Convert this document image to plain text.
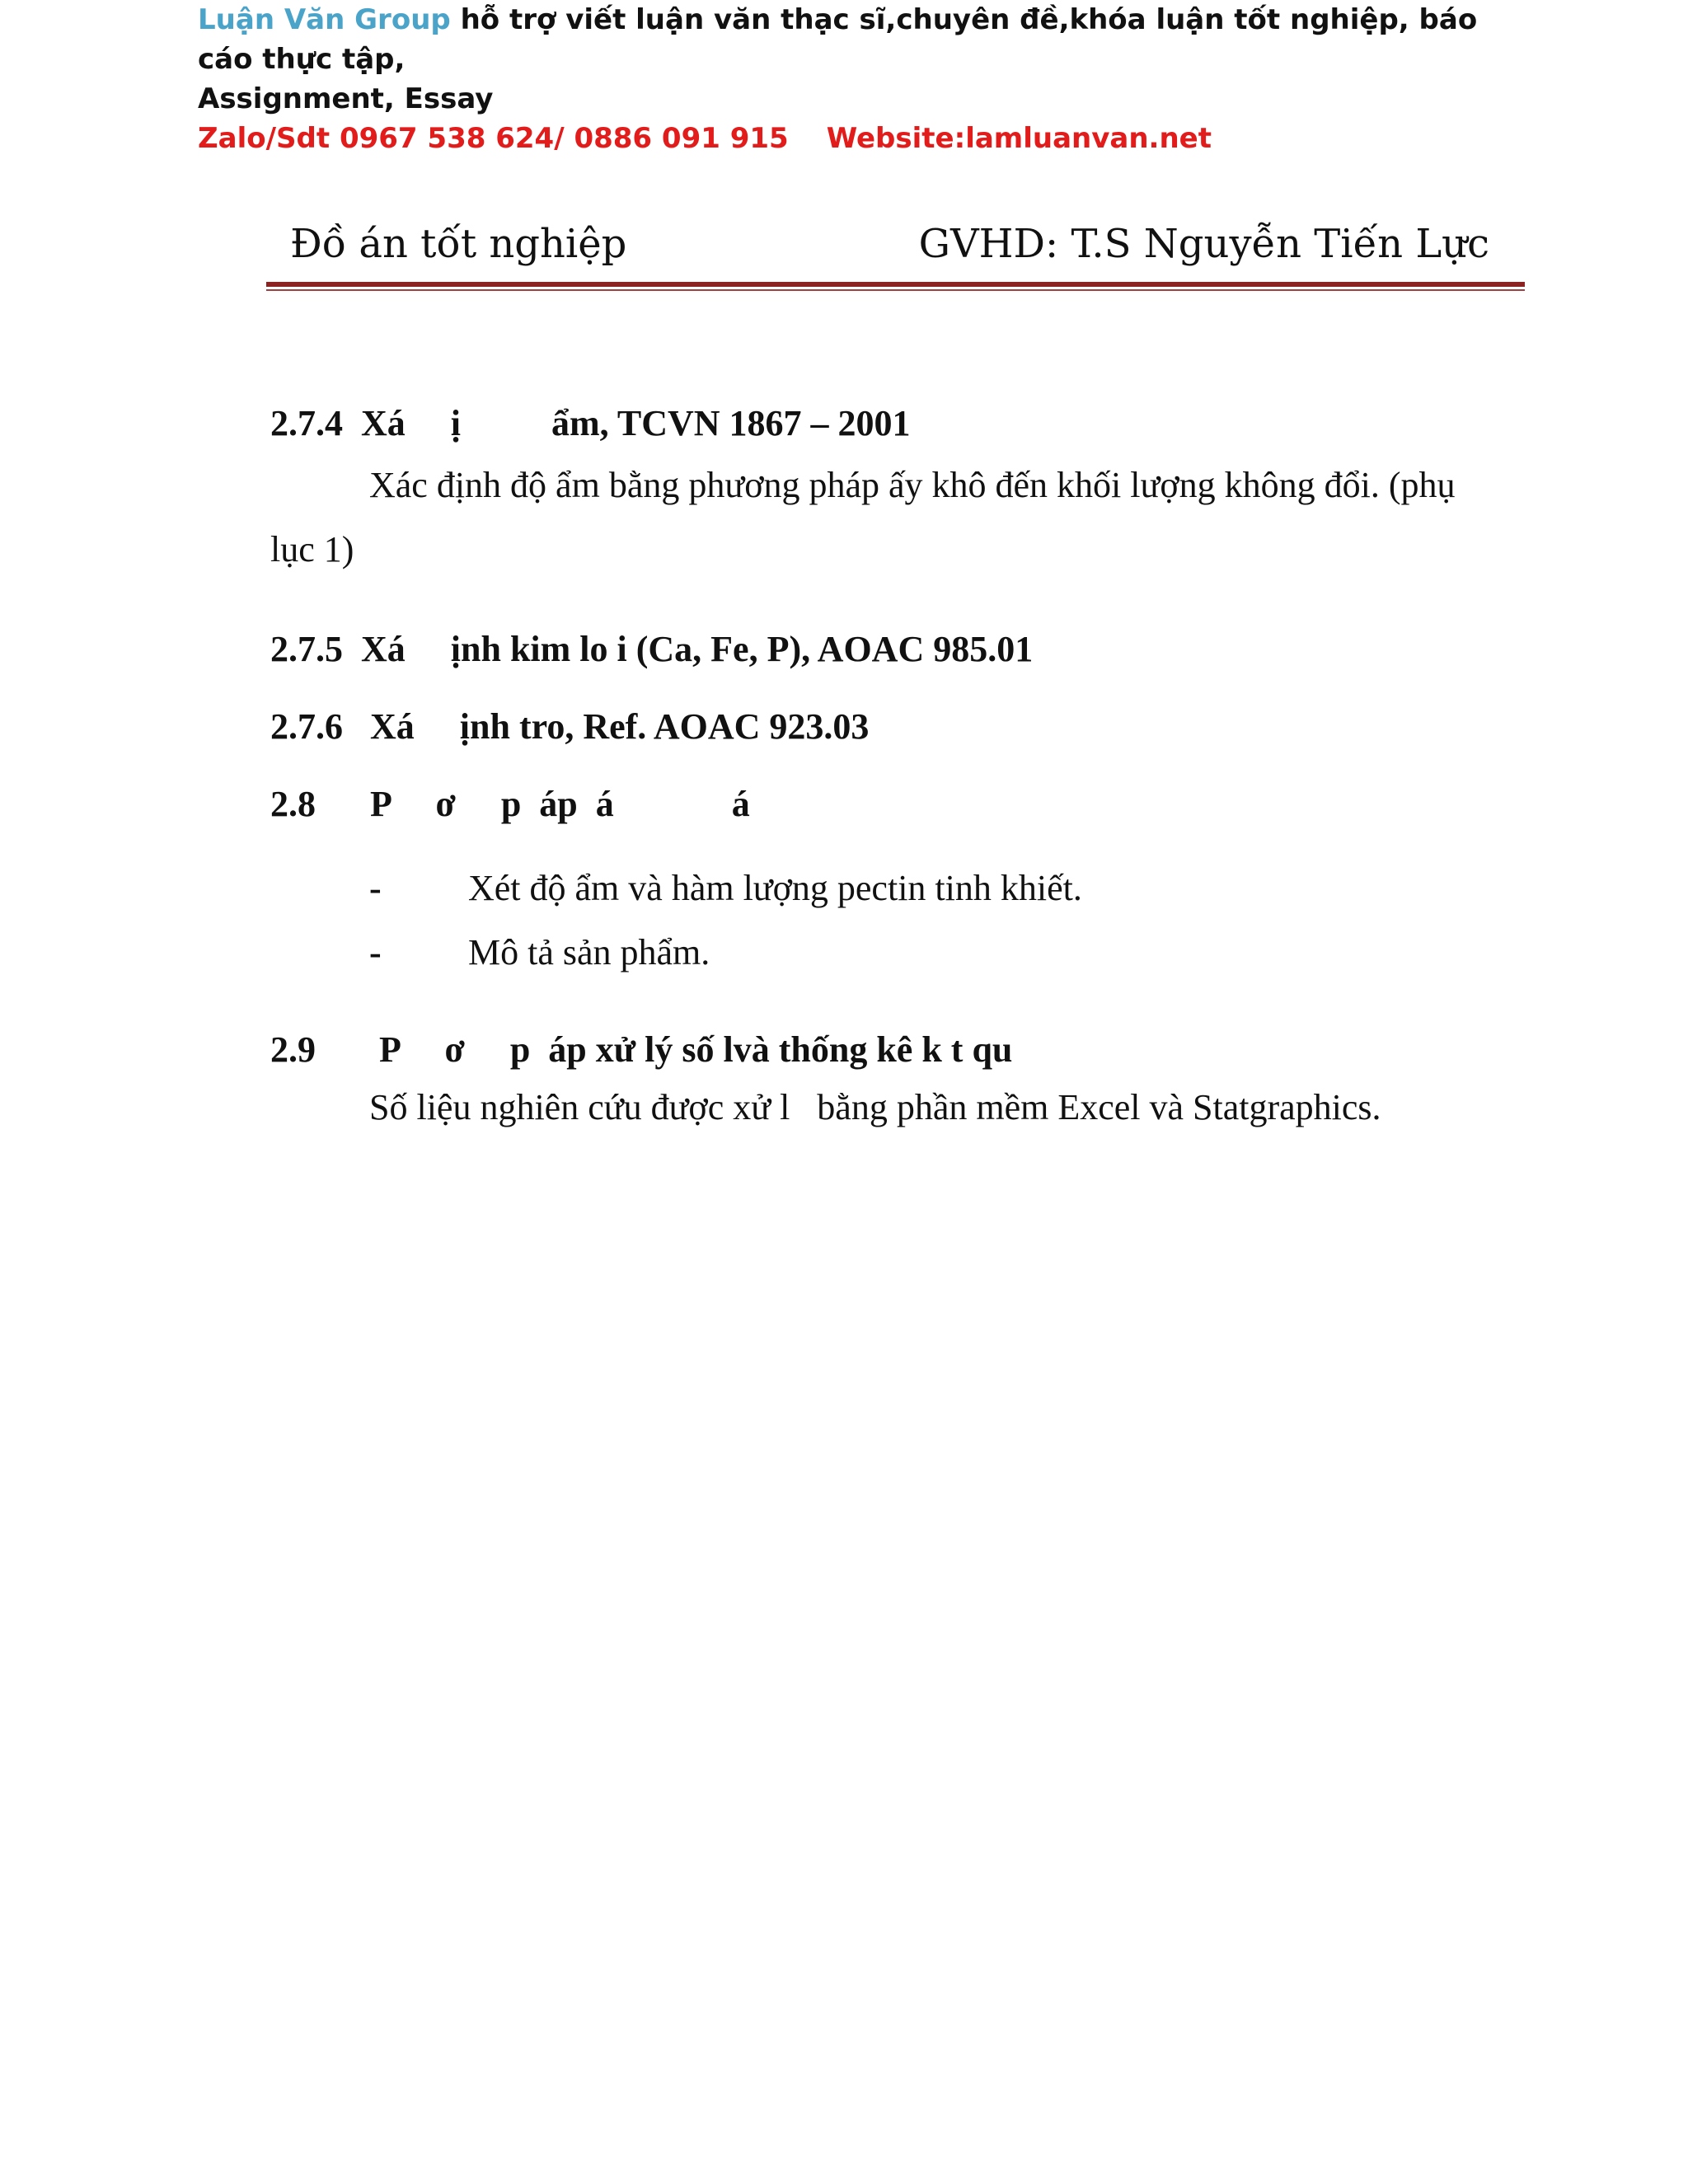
Luận Văn Group hỗ trợ viết luận văn thạc sĩ,chuyên đề,khóa luận tốt nghiệp, báo cáo thực tập,
Assignment, Essay
Zalo/Sdt 0967 538 624/ 0886 091 915 Website:lamluanvan.net
Đồ án tốt nghiệp	GVHD: T.S Nguyễn Tiến Lực
2.7.4  Xá     ị          ẩm, TCVN 1867 – 2001
Xác định độ ẩm bằng phương pháp ấy khô đến khối lượng không đổi. (phụ
lục 1)
2.7.5  Xá     ịnh kim lo i (Ca, Fe, P), AOAC 985.01
2.7.6   Xá     ịnh tro, Ref. AOAC 923.03
2.8      P     ơ     p  áp  á             á
- Xét độ ẩm và hàm lượng pectin tinh khiết.
- Mô tả sản phẩm.
2.9       P     ơ     p  áp xử lý số lvà thống kê k t qu
Số liệu nghiên cứu được xử l   bằng phần mềm Excel và Statgraphics.
